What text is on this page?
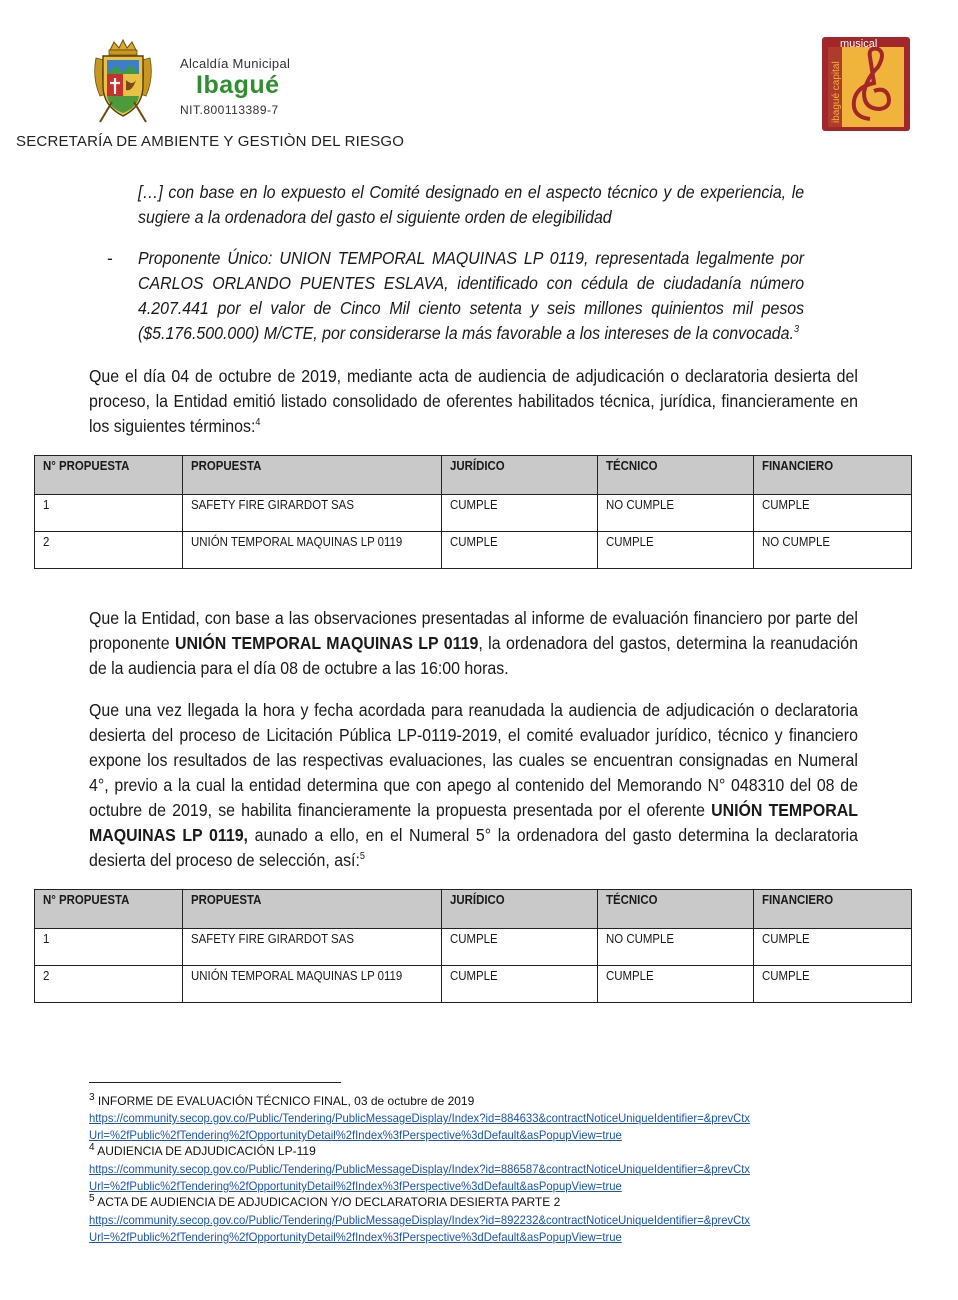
Alcaldía Municipal
Ibagué
NIT.800113389-7
SECRETARÍA DE AMBIENTE Y GESTIÒN DEL RIESGO
ibagué capital
musical
[…] con base en lo expuesto el Comité designado en el aspecto técnico y de experiencia, le sugiere a la ordenadora del gasto el siguiente orden de elegibilidad
- Proponente Único: UNION TEMPORAL MAQUINAS LP 0119, representada legalmente por CARLOS ORLANDO PUENTES ESLAVA, identificado con cédula de ciudadanía número 4.207.441 por el valor de Cinco Mil ciento setenta y seis millones quinientos mil pesos ($5.176.500.000) M/CTE, por considerarse la más favorable a los intereses de la convocada.$^3$
Que el día 04 de octubre de 2019, mediante acta de audiencia de adjudicación o declaratoria desierta del proceso, la Entidad emitió listado consolidado de oferentes habilitados técnica, jurídica, financieramente en los siguientes términos:$^4$
N° PROPUESTA	PROPUESTA	JURÍDICO	TÉCNICO	FINANCIERO
1	SAFETY FIRE GIRARDOT SAS	CUMPLE	NO CUMPLE	CUMPLE
2	UNIÓN TEMPORAL MAQUINAS LP 0119	CUMPLE	CUMPLE	NO CUMPLE
Que la Entidad, con base a las observaciones presentadas al informe de evaluación financiero por parte del proponente UNIÓN TEMPORAL MAQUINAS LP 0119, la ordenadora del gastos, determina la reanudación de la audiencia para el día 08 de octubre a las 16:00 horas.
Que una vez llegada la hora y fecha acordada para reanudada la audiencia de adjudicación o declaratoria desierta del proceso de Licitación Pública LP-0119-2019, el comité evaluador jurídico, técnico y financiero expone los resultados de las respectivas evaluaciones, las cuales se encuentran consignadas en Numeral 4°, previo a la cual la entidad determina que con apego al contenido del Memorando N° 048310 del 08 de octubre de 2019, se habilita financieramente la propuesta presentada por el oferente UNIÓN TEMPORAL MAQUINAS LP 0119, aunado a ello, en el Numeral 5° la ordenadora del gasto determina la declaratoria desierta del proceso de selección, así:$^5$
N° PROPUESTA	PROPUESTA	JURÍDICO	TÉCNICO	FINANCIERO
1	SAFETY FIRE GIRARDOT SAS	CUMPLE	NO CUMPLE	CUMPLE
2	UNIÓN TEMPORAL MAQUINAS LP 0119	CUMPLE	CUMPLE	CUMPLE
$^3$ INFORME DE EVALUACIÓN TÉCNICO FINAL, 03 de octubre de 2019
https://community.secop.gov.co/Public/Tendering/PublicMessageDisplay/Index?id=884633&contractNoticeUniqueIdentifier=&prevCtx
Url=%2fPublic%2fTendering%2fOpportunityDetail%2fIndex%3fPerspective%3dDefault&asPopupView=true
$^4$ AUDIENCIA DE ADJUDICACIÓN LP-119
https://community.secop.gov.co/Public/Tendering/PublicMessageDisplay/Index?id=886587&contractNoticeUniqueIdentifier=&prevCtx
Url=%2fPublic%2fTendering%2fOpportunityDetail%2fIndex%3fPerspective%3dDefault&asPopupView=true
$^5$ ACTA DE AUDIENCIA DE ADJUDICACION Y/O DECLARATORIA DESIERTA PARTE 2
https://community.secop.gov.co/Public/Tendering/PublicMessageDisplay/Index?id=892232&contractNoticeUniqueIdentifier=&prevCtx
Url=%2fPublic%2fTendering%2fOpportunityDetail%2fIndex%3fPerspective%3dDefault&asPopupView=true
